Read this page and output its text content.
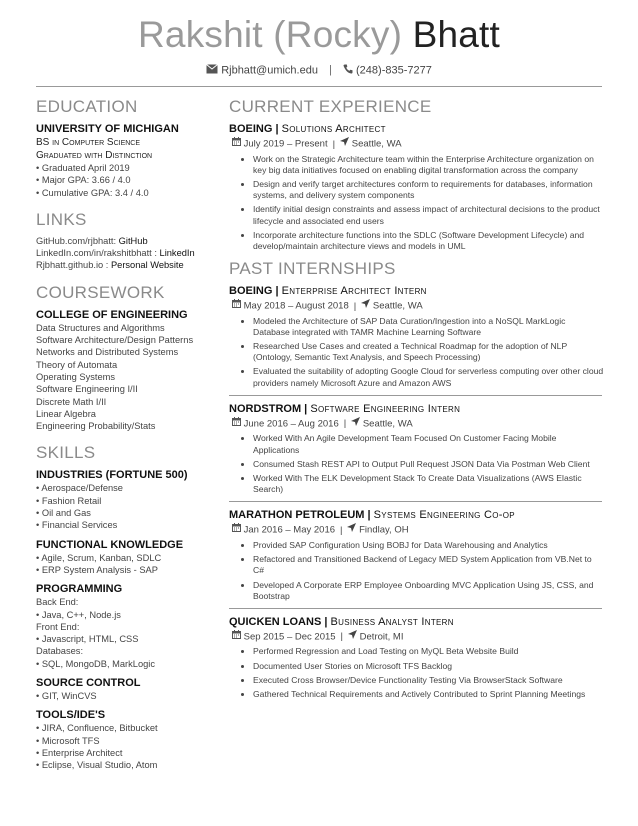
Rakshit (Rocky) Bhatt
Rjbhatt@umich.edu | (248)-835-7277
EDUCATION
UNIVERSITY OF MICHIGAN
BS in Computer Science
Graduated with Distinction
• Graduated April 2019
• Major GPA: 3.66 / 4.0
• Cumulative GPA: 3.4 / 4.0
LINKS
GitHub.com/rjbhatt: GitHub
LinkedIn.com/in/rakshitbhatt : LinkedIn
Rjbhatt.github.io : Personal Website
COURSEWORK
COLLEGE OF ENGINEERING
Data Structures and Algorithms
Software Architecture/Design Patterns
Networks and Distributed Systems
Theory of Automata
Operating Systems
Software Engineering I/II
Discrete Math I/II
Linear Algebra
Engineering Probability/Stats
SKILLS
INDUSTRIES (FORTUNE 500)
• Aerospace/Defense
• Fashion Retail
• Oil and Gas
• Financial Services
FUNCTIONAL KNOWLEDGE
• Agile, Scrum, Kanban, SDLC
• ERP System Analysis - SAP
PROGRAMMING
Back End:
• Java, C++, Node.js
Front End:
• Javascript, HTML, CSS
Databases:
• SQL, MongoDB, MarkLogic
SOURCE CONTROL
• GIT, WinCVS
TOOLS/IDE'S
• JIRA, Confluence, Bitbucket
• Microsoft TFS
• Enterprise Architect
• Eclipse, Visual Studio, Atom
CURRENT EXPERIENCE
BOEING | Solutions Architect
July 2019 – Present | Seattle, WA
• Work on the Strategic Architecture team within the Enterprise Architecture organization on key big data initiatives focused on enabling digital transformation across the company
• Design and verify target architectures conform to requirements for databases, information systems, and delivery system components
• Identify initial design constraints and assess impact of architectural decisions to the product lifecycle and associated end users
• Incorporate architecture functions into the SDLC (Software Development Lifecycle) and develop/maintain architecture views and models in UML
PAST INTERNSHIPS
BOEING | Enterprise Architect Intern
May 2018 – August 2018 | Seattle, WA
• Modeled the Architecture of SAP Data Curation/Ingestion into a NoSQL MarkLogic Database integrated with TAMR Machine Learning Software
• Researched Use Cases and created a Technical Roadmap for the adoption of NLP (Ontology, Semantic Text Analysis, and Speech Processing)
• Evaluated the suitability of adopting Google Cloud for serverless computing over other cloud providers namely Microsoft Azure and Amazon AWS
NORDSTROM | Software Engineering Intern
June 2016 – Aug 2016 | Seattle, WA
• Worked With An Agile Development Team Focused On Customer Facing Mobile Applications
• Consumed Stash REST API to Output Pull Request JSON Data Via Postman Web Client
• Worked With The ELK Development Stack To Create Data Visualizations (AWS Elastic Search)
MARATHON PETROLEUM | Systems Engineering Co-op
Jan 2016 – May 2016 | Findlay, OH
• Provided SAP Configuration Using BOBJ for Data Warehousing and Analytics
• Refactored and Transitioned Backend of Legacy MED System Application from VB.Net to C#
• Developed A Corporate ERP Employee Onboarding MVC Application Using JS, CSS, and Bootstrap
QUICKEN LOANS | Business Analyst Intern
Sep 2015 – Dec 2015 | Detroit, MI
• Performed Regression and Load Testing on MyQL Beta Website Build
• Documented User Stories on Microsoft TFS Backlog
• Executed Cross Browser/Device Functionality Testing Via BrowserStack Software
• Gathered Technical Requirements and Actively Contributed to Sprint Planning Meetings
